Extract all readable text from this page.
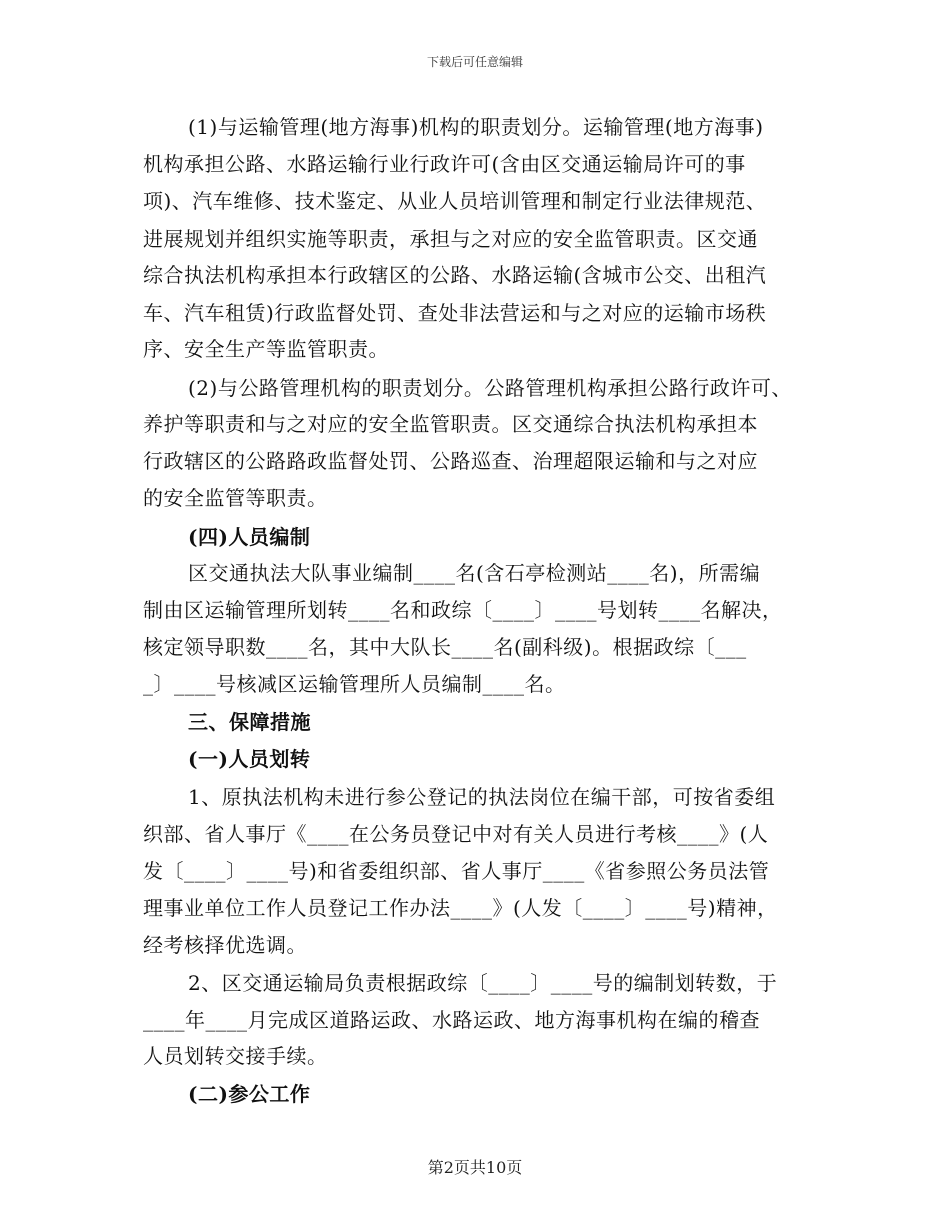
下载后可任意编辑
(1)与运输管理(地方海事)机构的职责划分。运输管理(地方海事)
机构承担公路、水路运输行业行政许可(含由区交通运输局许可的事
项)、汽车维修、技术鉴定、从业人员培训管理和制定行业法律规范、
进展规划并组织实施等职责，承担与之对应的安全监管职责。区交通
综合执法机构承担本行政辖区的公路、水路运输(含城市公交、出租汽
车、汽车租赁)行政监督处罚、查处非法营运和与之对应的运输市场秩
序、安全生产等监管职责。
(2)与公路管理机构的职责划分。公路管理机构承担公路行政许可、
养护等职责和与之对应的安全监管职责。区交通综合执法机构承担本
行政辖区的公路路政监督处罚、公路巡查、治理超限运输和与之对应
的安全监管等职责。
(四)人员编制
区交通执法大队事业编制____名(含石亭检测站____名)，所需编
制由区运输管理所划转____名和政综〔____〕____号划转____名解决，
核定领导职数____名，其中大队长____名(副科级)。根据政综〔___
_〕____号核减区运输管理所人员编制____名。
三、保障措施
(一)人员划转
1、原执法机构未进行参公登记的执法岗位在编干部，可按省委组
织部、省人事厅《____在公务员登记中对有关人员进行考核____》(人
发〔____〕____号)和省委组织部、省人事厅____《省参照公务员法管
理事业单位工作人员登记工作办法____》(人发〔____〕____号)精神，
经考核择优选调。
2、区交通运输局负责根据政综〔____〕____号的编制划转数，于
____年____月完成区道路运政、水路运政、地方海事机构在编的稽查
人员划转交接手续。
(二)参公工作
第2页共10页
